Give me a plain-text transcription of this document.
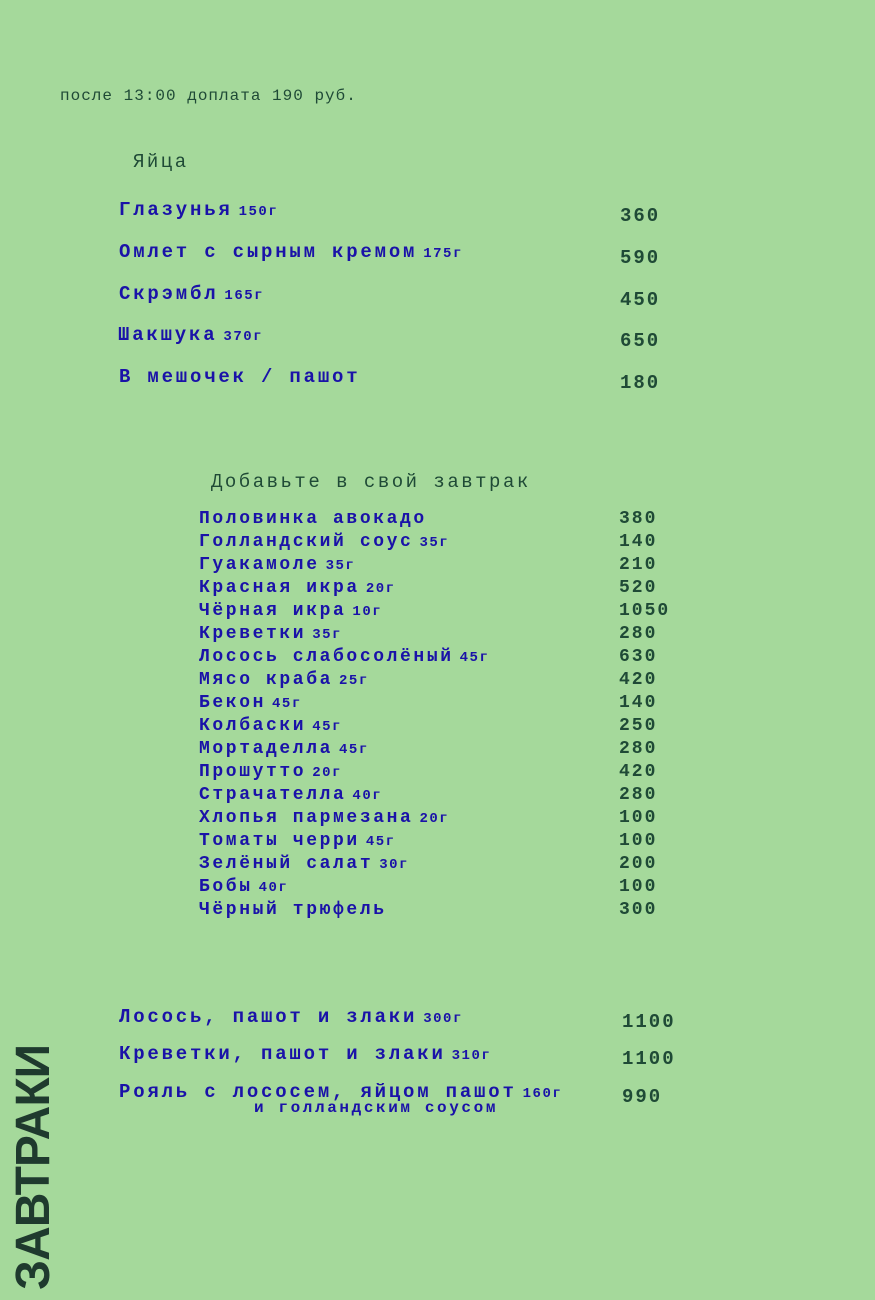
после 13:00 доплата 190 руб.
Яйца
Глазунья 150г	360
Омлет с сырным кремом 175г	590
Скрэмбл 165г	450
Шакшука 370г	650
В мешочек / пашот	180
Добавьте в свой завтрак
Половинка авокадо	380
Голландский соус 35г	140
Гуакамоле 35г	210
Красная икра 20г	520
Чёрная икра 10г	1050
Креветки 35г	280
Лосось слабосолёный 45г	630
Мясо краба 25г	420
Бекон 45г	140
Колбаски 45г	250
Мортаделла 45г	280
Прошутто 20г	420
Страчателла 40г	280
Хлопья пармезана 20г	100
Томаты черри 45г	100
Зелёный салат 30г	200
Бобы 40г	100
Чёрный трюфель	300
Лосось, пашот и злаки 300г	1100
Креветки, пашот и злаки 310г	1100
Рояль с лососем, яйцом пашот 160г
и голландским соусом	990
ЗАВТРАКИ
